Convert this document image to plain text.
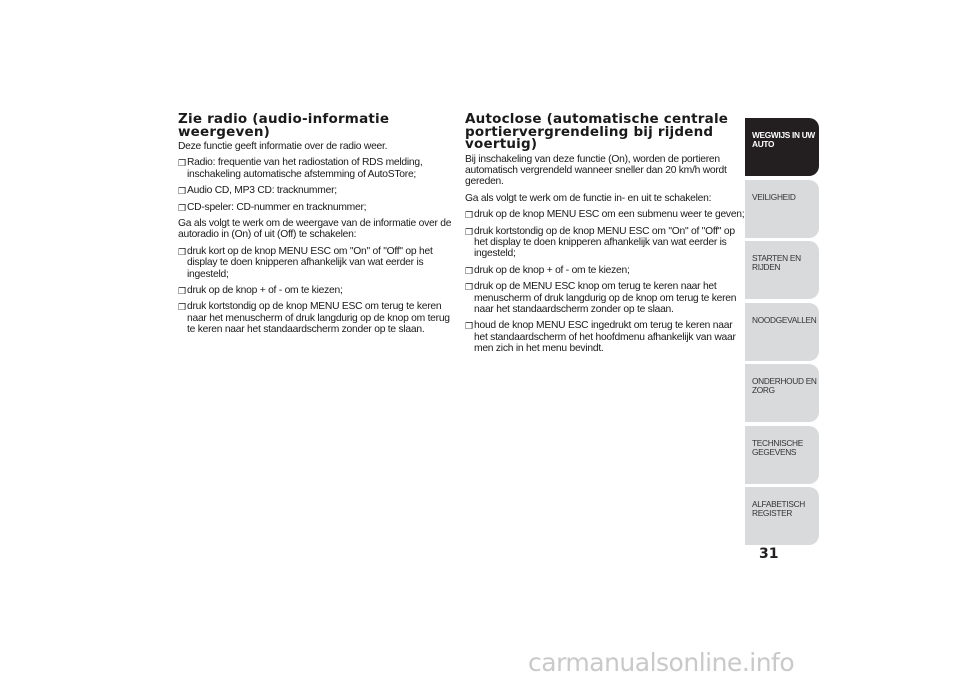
Zie radio (audio-informatie weergeven)

Deze functie geeft informatie over de radio weer.

❒ Radio: frequentie van het radiostation of RDS melding, inschakeling automatische afstemming of AutoSTore;
❒ Audio CD, MP3 CD: tracknummer;
❒ CD-speler: CD-nummer en tracknummer;

Ga als volgt te werk om de weergave van de informatie over de autoradio in (On) of uit (Off) te schakelen:

❒ druk kort op de knop MENU ESC om "On" of "Off" op het display te doen knipperen afhankelijk van wat eerder is ingesteld;
❒ druk op de knop + of - om te kiezen;
❒ druk kortstondig op de knop MENU ESC om terug te keren naar het menuscherm of druk langdurig op de knop om terug te keren naar het standaardscherm zonder op te slaan.
Autoclose (automatische centrale portiervergrendeling bij rijdend voertuig)

Bij inschakeling van deze functie (On), worden de portieren automatisch vergrendeld wanneer sneller dan 20 km/h wordt gereden.

Ga als volgt te werk om de functie in- en uit te schakelen:

❒ druk op de knop MENU ESC om een submenu weer te geven;
❒ druk kortstondig op de knop MENU ESC om "On" of "Off" op het display te doen knipperen afhankelijk van wat eerder is ingesteld;
❒ druk op de knop + of - om te kiezen;
❒ druk op de MENU ESC knop om terug te keren naar het menuscherm of druk langdurig op de knop om terug te keren naar het standaardscherm zonder op te slaan.
❒ houd de knop MENU ESC ingedrukt om terug te keren naar het standaardscherm of het hoofdmenu afhankelijk van waar men zich in het menu bevindt.
WEGWIJS IN UW AUTO
VEILIGHEID
STARTEN EN RIJDEN
NOODGEVALLEN
ONDERHOUD EN ZORG
TECHNISCHE GEGEVENS
ALFABETISCH REGISTER
31
carmanualsonline.info
